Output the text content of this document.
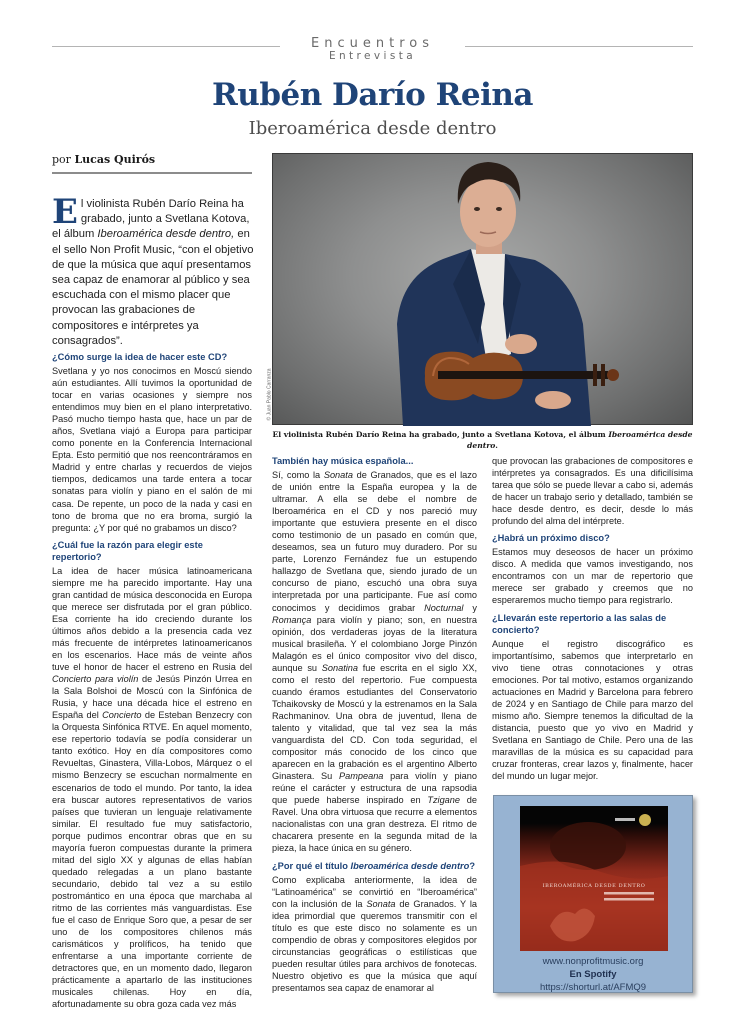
Encuentros
Entrevista
Rubén Darío Reina
Iberoamérica desde dentro
por Lucas Quirós
El violinista Rubén Darío Reina ha grabado, junto a Svetlana Kotova, el álbum Iberoamérica desde dentro, en el sello Non Profit Music, “con el objetivo de que la música que aquí presentamos sea capaz de enamorar al público y sea escuchada con el mismo placer que provocan las grabaciones de compositores e intérpretes ya consagrados”.
© Juan Pablo Carranza
El violinista Rubén Darío Reina ha grabado, junto a Svetlana Kotova, el álbum Iberoamérica desde dentro.
¿Cómo surge la idea de hacer este CD?

Svetlana y yo nos conocimos en Moscú siendo aún estudiantes. Allí tuvimos la oportunidad de tocar en varias ocasiones y siempre nos entendimos muy bien en el plano interpretativo. Pasó mucho tiempo hasta que, hace un par de años, Svetlana viajó a Europa para participar como ponente en la Conferencia Internacional Epta. Esto permitió que nos reencontráramos en Madrid y entre charlas y recuerdos de viejos tiempos, dedicamos una tarde entera a tocar sonatas para violín y piano en el salón de mi casa. De repente, un poco de la nada y casi en tono de broma que no era broma, surgió la pregunta: ¿Y por qué no grabamos un disco?

¿Cuál fue la razón para elegir este repertorio?

La idea de hacer música latinoamericana siempre me ha parecido importante. Hay una gran cantidad de música desconocida en Europa que merece ser disfrutada por el gran público. Esa corriente ha ido creciendo durante los últimos años debido a la presencia cada vez más frecuente de intérpretes latinoamericanos en los escenarios. Hace más de veinte años tuve el honor de hacer el estreno en Rusia del Concierto para violín de Jesús Pinzón Urrea en la Sala Bolshoi de Moscú con la Sinfónica de Rusia, y hace una década hice el estreno en España del Concierto de Esteban Benzecry con la Orquesta Sinfónica RTVE. En aquel momento, ese repertorio todavía se podía considerar un tanto exótico. Hoy en día compositores como Revueltas, Ginastera, Villa-Lobos, Márquez o el mismo Benzecry se escuchan normalmente en escenarios de todo el mundo. Por tanto, la idea era buscar autores representativos de varios países que tuvieran un lenguaje relativamente similar. El resultado fue muy satisfactorio, porque pudimos encontrar obras que en su mayoría fueron compuestas durante la primera mitad del siglo XX y algunas de ellas habían quedado relegadas a un plano bastante secundario, debido tal vez a su estilo postromántico en una época que marchaba al ritmo de las corrientes más vanguardistas. Ese fue el caso de Enrique Soro que, a pesar de ser uno de los compositores chilenos más carismáticos y prolíficos, ha tenido que enfrentarse a una importante corriente de detractores que, en un momento dado, llegaron prácticamente a apartarlo de las instituciones musicales chilenas. Hoy en día, afortunadamente su obra goza cada vez más

También hay música española...

Sí, como la Sonata de Granados, que es el lazo de unión entre la España europea y la de ultramar. A ella se debe el nombre de Iberoamérica en el CD y nos pareció muy importante que estuviera presente en el disco como testimonio de un pasado en común que, deseamos, sea un futuro muy duradero. Por su parte, Lorenzo Fernández fue un estupendo hallazgo de Svetlana que, siendo jurado de un concurso de piano, escuchó una obra suya interpretada por una participante. Fue así como conocimos y decidimos grabar Nocturnal y Romança para violín y piano; son, en nuestra opinión, dos verdaderas joyas de la literatura musical brasileña. Y el colombiano Jorge Pinzón Malagón es el único compositor vivo del disco, aunque su Sonatina fue escrita en el siglo XX, como el resto del repertorio. Fue compuesta cuando éramos estudiantes del Conservatorio Tchaikovsky de Moscú y la estrenamos en la Sala Rachmaninov. Una obra de juventud, llena de talento y vitalidad, que tal vez sea la más vanguardista del CD. Con toda seguridad, el compositor más conocido de los cinco que aparecen en la grabación es el argentino Alberto Ginastera. Su Pampeana para violín y piano reúne el carácter y estructura de una rapsodia que puede haberse inspirado en Tzigane de Ravel. Una obra virtuosa que recurre a elementos nacionalistas con una gran destreza. El ritmo de chacarera presente en la segunda mitad de la pieza, la hace única en su género.

¿Por qué el título Iberoamérica desde dentro?

Como explicaba anteriormente, la idea de “Latinoamérica” se convirtió en “Iberoamérica” con la inclusión de la Sonata de Granados. Y la idea primordial que queremos transmitir con el título es que este disco no solamente es un compendio de obras y compositores elegidos por circunstancias geográficas o estilísticas que pueden resultar útiles para archivos de fonotecas. Nuestro objetivo es que la música que aquí presentamos sea capaz de enamorar al

que provocan las grabaciones de compositores e intérpretes ya consagrados. Es una dificilísima tarea que sólo se puede llevar a cabo si, además de hacer un trabajo serio y detallado, también se hace desde dentro, es decir, desde lo más profundo del alma del intérprete.

¿Habrá un próximo disco?

Estamos muy deseosos de hacer un próximo disco. A medida que vamos investigando, nos encontramos con un mar de repertorio que merece ser grabado y creemos que no esperaremos mucho tiempo para registrarlo.

¿Llevarán este repertorio a las salas de concierto?

Aunque el registro discográfico es importantísimo, sabemos que interpretarlo en vivo tiene otras connotaciones y otras emociones. Por tal motivo, estamos organizando actuaciones en Madrid y Barcelona para febrero de 2024 y en Santiago de Chile para marzo del mismo año. Siempre tenemos la dificultad de la distancia, puesto que yo vivo en Madrid y Svetlana en Santiago de Chile. Pero una de las maravillas de la música es su capacidad para cruzar fronteras, crear lazos y, finalmente, hacer del mundo un lugar mejor.

IBEROAMÉRICA DESDE DENTRO
www.nonprofitmusic.org
En Spotify
https://shorturl.at/AFMQ9
